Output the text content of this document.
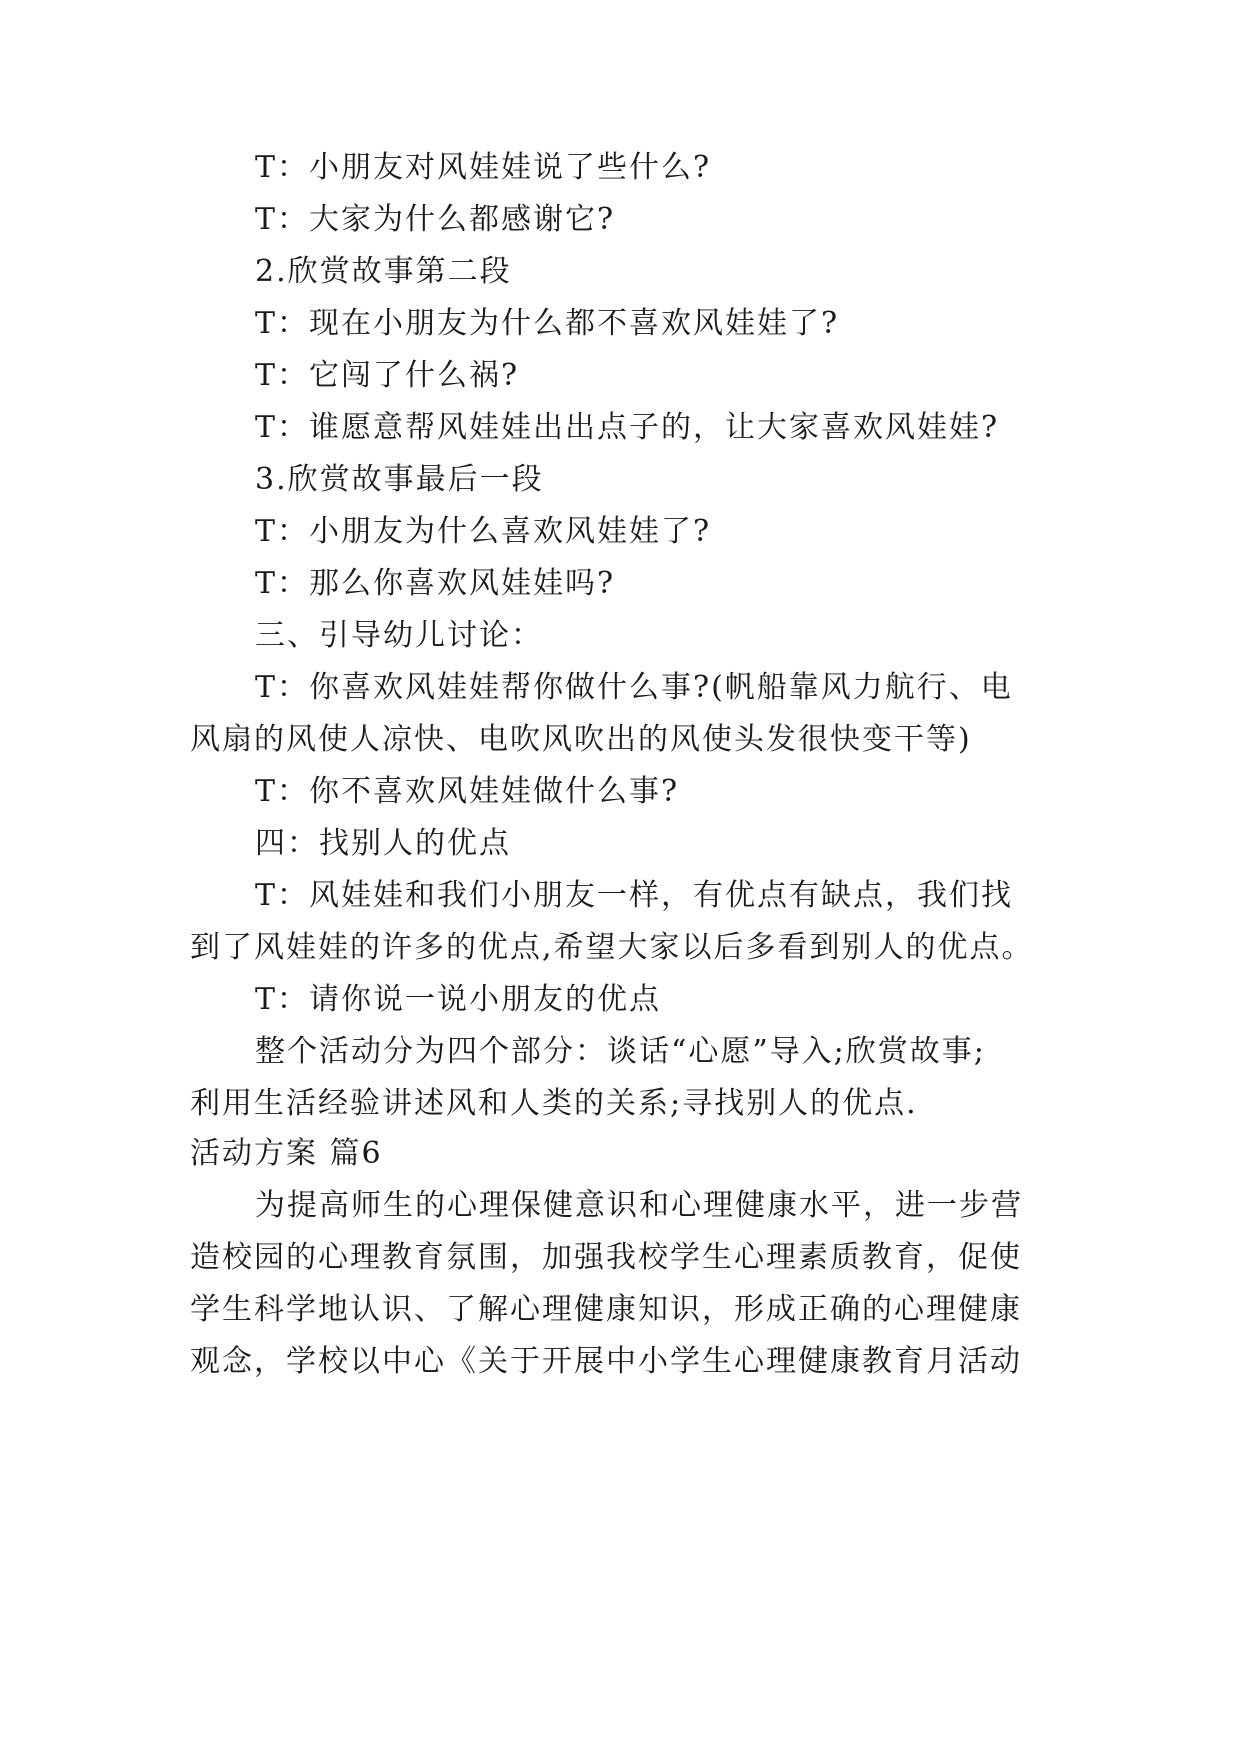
T：小朋友对风娃娃说了些什么?

T：大家为什么都感谢它?

2.欣赏故事第二段

T：现在小朋友为什么都不喜欢风娃娃了?

T：它闯了什么祸?

T：谁愿意帮风娃娃出出点子的，让大家喜欢风娃娃?

3.欣赏故事最后一段

T：小朋友为什么喜欢风娃娃了?

T：那么你喜欢风娃娃吗?

三、引导幼儿讨论：

T：你喜欢风娃娃帮你做什么事?(帆船靠风力航行、电

风扇的风使人凉快、电吹风吹出的风使头发很快变干等)

T：你不喜欢风娃娃做什么事?

四：找别人的优点

T：风娃娃和我们小朋友一样，有优点有缺点，我们找

到了风娃娃的许多的优点,希望大家以后多看到别人的优点。

T：请你说一说小朋友的优点

整个活动分为四个部分：谈话“心愿”导入;欣赏故事;

利用生活经验讲述风和人类的关系;寻找别人的优点.

活动方案 篇6

为提高师生的心理保健意识和心理健康水平，进一步营

造校园的心理教育氛围，加强我校学生心理素质教育，促使

学生科学地认识、了解心理健康知识，形成正确的心理健康

观念，学校以中心《关于开展中小学生心理健康教育月活动
